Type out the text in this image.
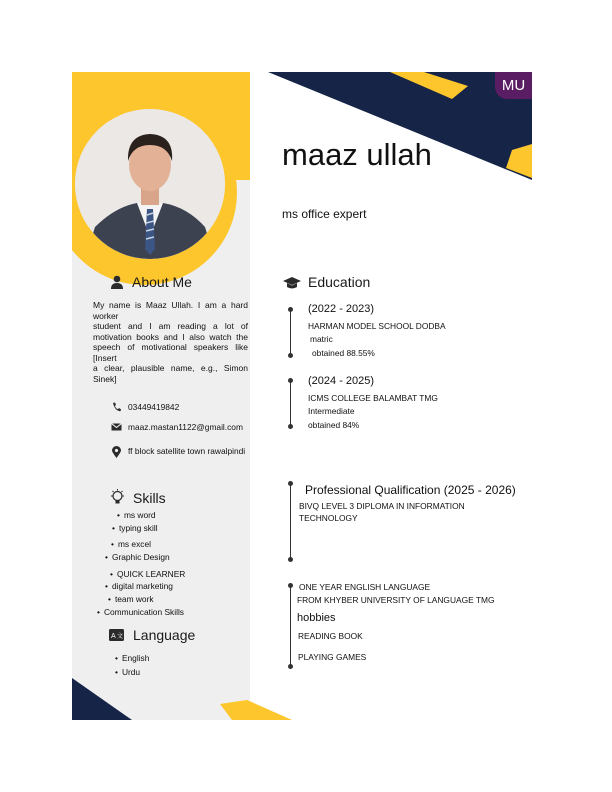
About Me
My name is Maaz Ullah. I am a hard worker
student and I am reading a lot of
motivation books and I also watch the
speech of motivational speakers like [Insert
a clear, plausible name, e.g., Simon Sinek]
03449419842
maaz.mastan1122@gmail.com
ff block satellite town rawalpindi
Skills
• ms word
• typing skill
• ms excel
• Graphic Design
• QUICK LEARNER
• digital marketing
• team work
• Communication Skills
A 文 Language
• English
• Urdu
MU
maaz ullah
ms office expert
Education
(2022 - 2023)
HARMAN MODEL SCHOOL DODBA
matric
obtained 88.55%
(2024 - 2025)
ICMS COLLEGE BALAMBAT TMG
Intermediate
obtained 84%
Professional Qualification (2025 - 2026)
BIVQ LEVEL 3 DIPLOMA IN INFORMATION
TECHNOLOGY
ONE YEAR ENGLISH LANGUAGE
FROM KHYBER UNIVERSITY OF LANGUAGE TMG
hobbies
READING BOOK
PLAYING GAMES
